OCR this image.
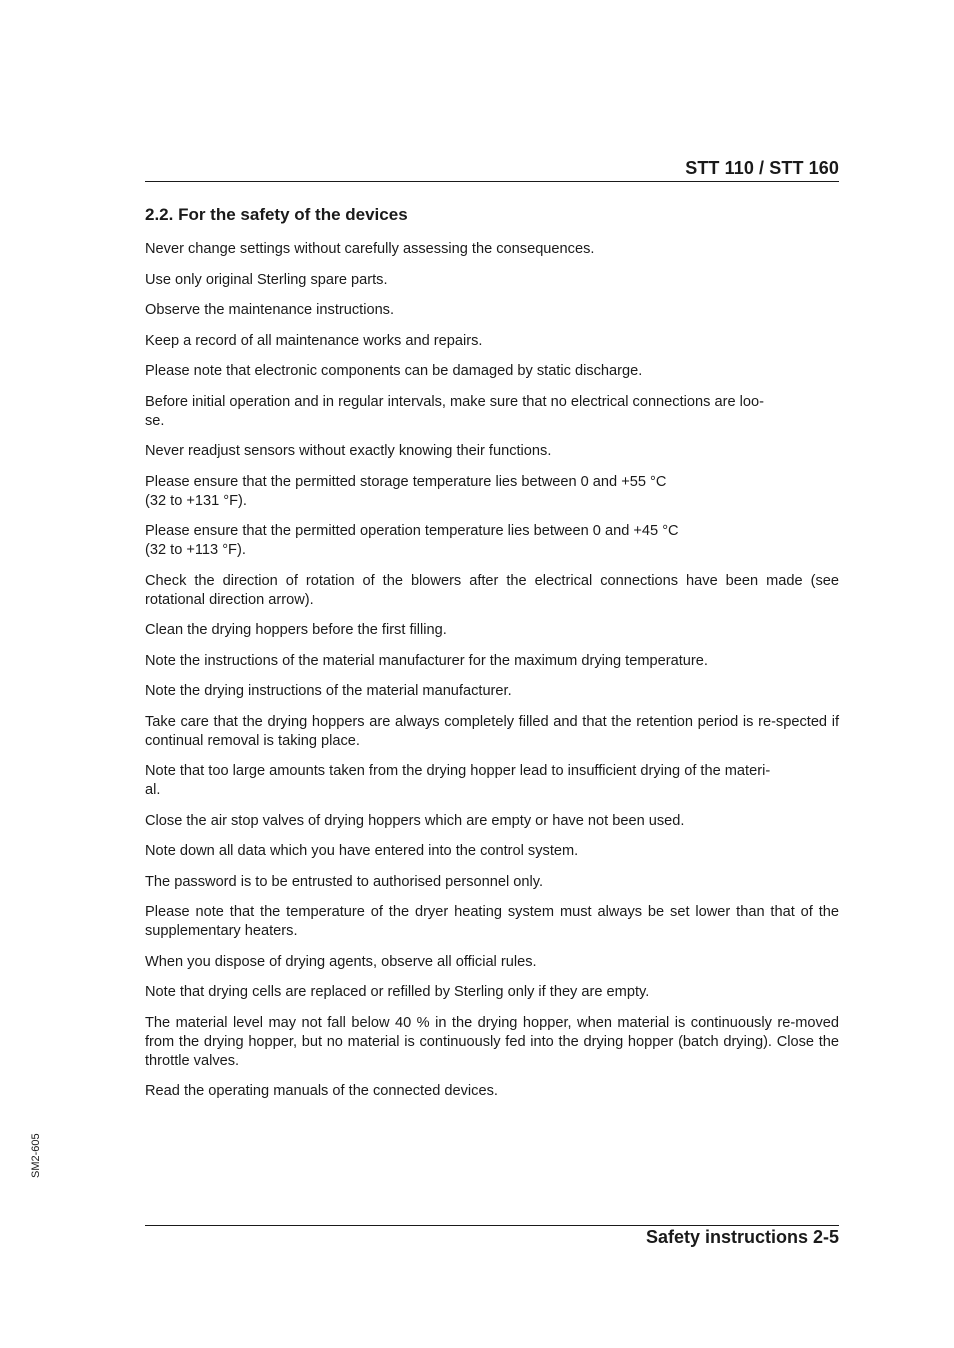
STT 110 / STT 160
2.2. For the safety of the devices

Never change settings without carefully assessing the consequences.

Use only original Sterling spare parts.

Observe the maintenance instructions.

Keep a record of all maintenance works and repairs.

Please note that electronic components can be damaged by static discharge.

Before initial operation and in regular intervals, make sure that no electrical connections are loo-
se.

Never readjust sensors without exactly knowing their functions.

Please ensure that the permitted storage temperature lies between 0 and +55 °C
(32 to +131 °F).

Please ensure that the permitted operation temperature lies between 0 and +45 °C
(32 to +113 °F).

Check the direction of rotation of the blowers after the electrical connections have been made (see rotational direction arrow).

Clean the drying hoppers before the first filling.

Note the instructions of the material manufacturer for the maximum drying temperature.

Note the drying instructions of the material manufacturer.

Take care that the drying hoppers are always completely filled and that the retention period is re-spected if continual removal is taking place.

Note that too large amounts taken from the drying hopper lead to insufficient drying of the materi-
al.

Close the air stop valves of drying hoppers which are empty or have not been used.

Note down all data which you have entered into the control system.

The password is to be entrusted to authorised personnel only.

Please note that the temperature of the dryer heating system must always be set lower than that of the supplementary heaters.

When you dispose of drying agents, observe all official rules.

Note that drying cells are replaced or refilled by Sterling only if they are empty.

The material level may not fall below 40 % in the drying hopper, when material is continuously re-moved from the drying hopper, but no material is continuously fed into the drying hopper (batch drying). Close the throttle valves.

Read the operating manuals of the connected devices.

SM2-605
Safety instructions 2-5
